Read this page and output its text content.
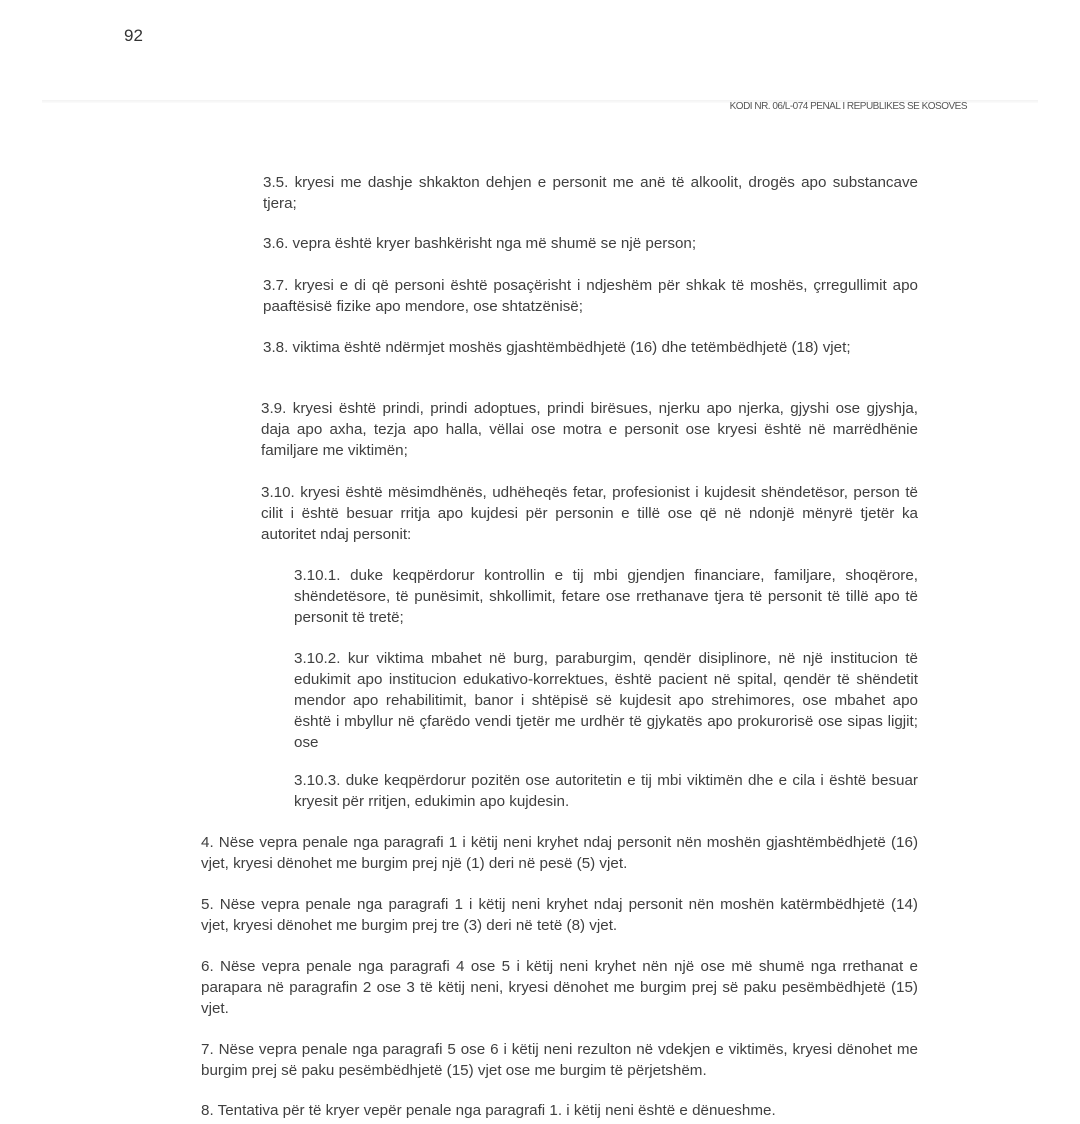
92
KODI NR. 06/L-074 PENAL I REPUBLIKES SE KOSOVES

3.5. kryesi me dashje shkakton dehjen e personit me anë të alkoolit, drogës apo substancave tjera;

3.6. vepra është kryer bashkërisht nga më shumë se një person;

3.7. kryesi e di që personi është posaçërisht i ndjeshëm për shkak të moshës, çrregullimit apo paaftësisë fizike apo mendore, ose shtatzënisë;

3.8. viktima është ndërmjet moshës gjashtëmbëdhjetë (16) dhe tetëmbëdhjetë (18) vjet;

3.9. kryesi është prindi, prindi adoptues, prindi birësues, njerku apo njerka, gjyshi ose gjyshja, daja apo axha, tezja apo halla, vëllai ose motra e personit ose kryesi është në marrëdhënie familjare me viktimën;

3.10. kryesi është mësimdhënës, udhëheqës fetar, profesionist i kujdesit shëndetësor, person të cilit i është besuar rritja apo kujdesi për personin e tillë ose që në ndonjë mënyrë tjetër ka autoritet ndaj personit:

3.10.1. duke keqpërdorur kontrollin e tij mbi gjendjen financiare, familjare, shoqërore, shëndetësore, të punësimit, shkollimit, fetare ose rrethanave tjera të personit të tillë apo të personit të tretë;

3.10.2. kur viktima mbahet në burg, paraburgim, qendër disiplinore, në një institucion të edukimit apo institucion edukativo-korrektues, është pacient në spital, qendër të shëndetit mendor apo rehabilitimit, banor i shtëpisë së kujdesit apo strehimores, ose mbahet apo është i mbyllur në çfarëdo vendi tjetër me urdhër të gjykatës apo prokurorisë ose sipas ligjit; ose

3.10.3. duke keqpërdorur pozitën ose autoritetin e tij mbi viktimën dhe e cila i është besuar kryesit për rritjen, edukimin apo kujdesin.

4. Nëse vepra penale nga paragrafi 1 i këtij neni kryhet ndaj personit nën moshën gjashtëmbëdhjetë (16) vjet, kryesi dënohet me burgim prej një (1) deri në pesë (5) vjet.

5. Nëse vepra penale nga paragrafi 1 i këtij neni kryhet ndaj personit nën moshën katërmbëdhjetë (14) vjet, kryesi dënohet me burgim prej tre (3) deri në tetë (8) vjet.

6. Nëse vepra penale nga paragrafi 4 ose 5 i këtij neni kryhet nën një ose më shumë nga rrethanat e parapara në paragrafin 2 ose 3 të këtij neni, kryesi dënohet me burgim prej së paku pesëmbëdhjetë (15) vjet.

7. Nëse vepra penale nga paragrafi 5 ose 6 i këtij neni rezulton në vdekjen e viktimës, kryesi dënohet me burgim prej së paku pesëmbëdhjetë (15) vjet ose me burgim të përjetshëm.

8. Tentativa për të kryer vepër penale nga paragrafi 1. i këtij neni është e dënueshme.
